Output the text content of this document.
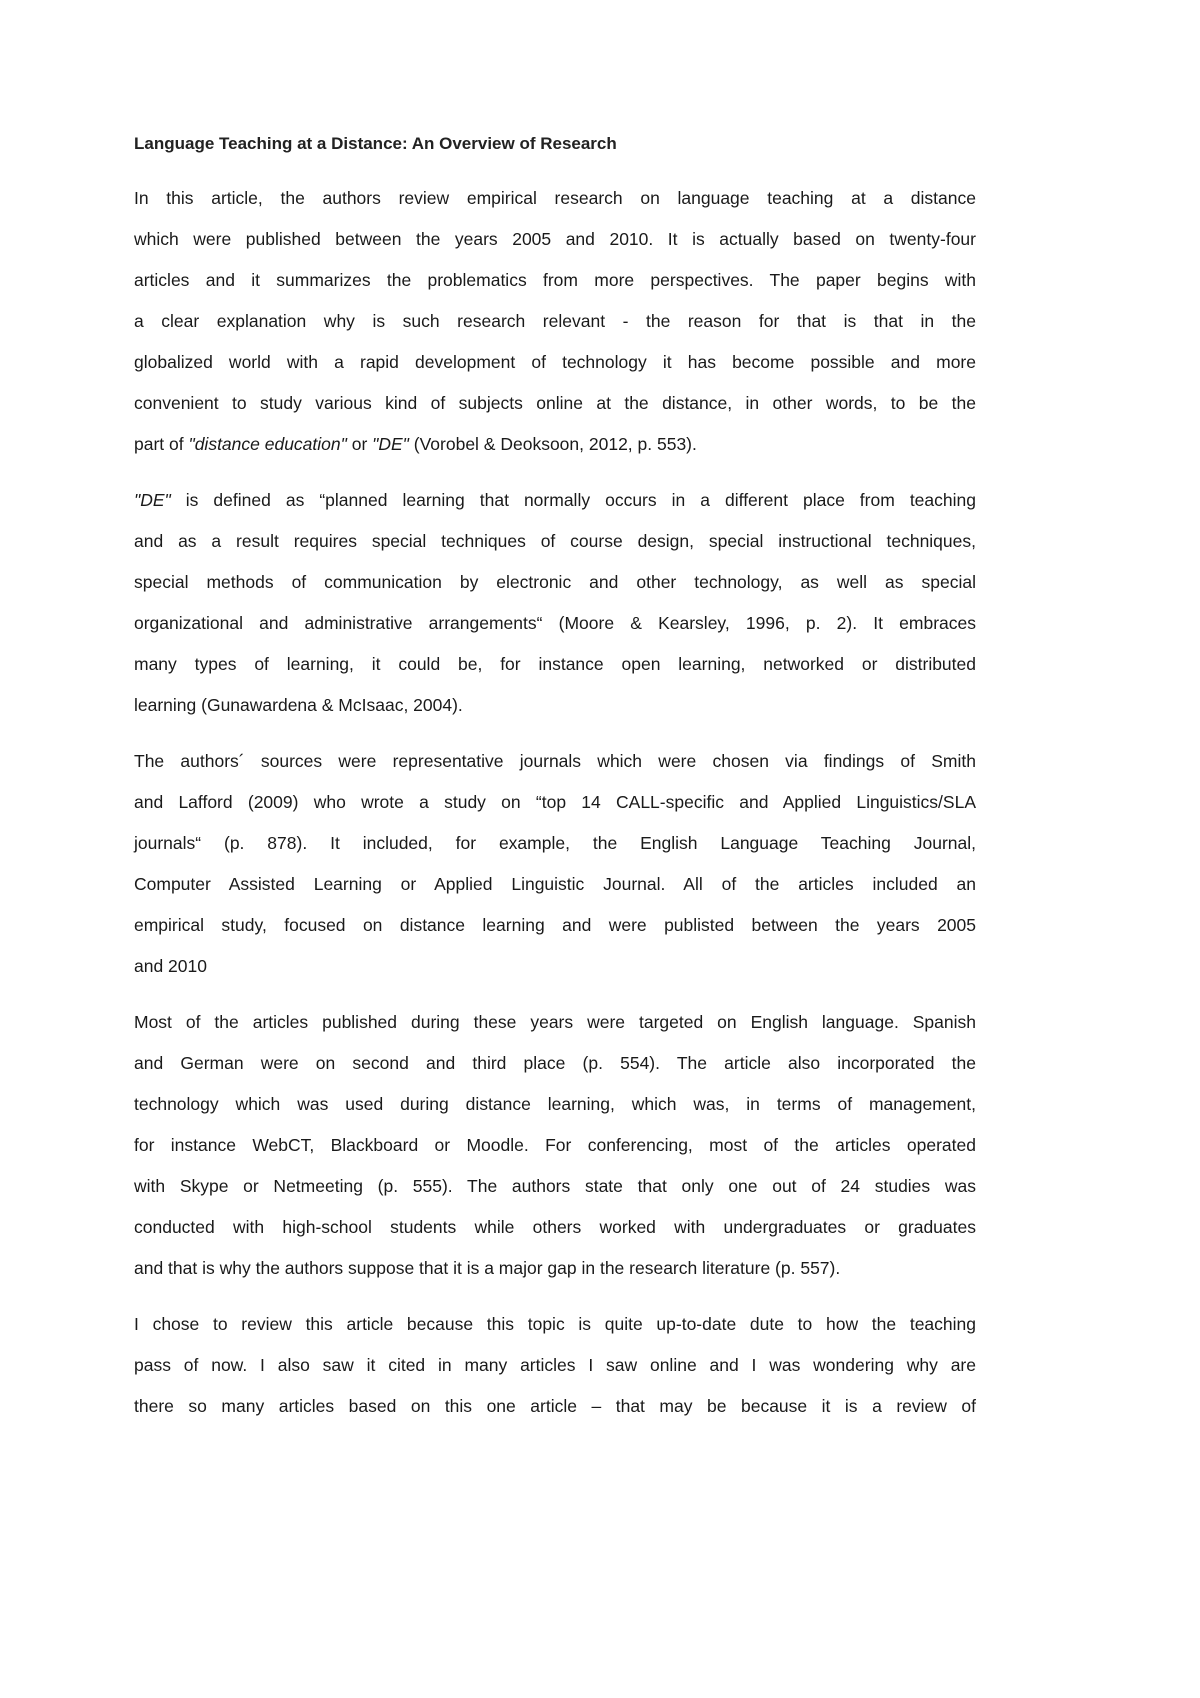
Language Teaching at a Distance: An Overview of Research
In this article, the authors review empirical research on language teaching at a distance
which were published between the years 2005 and 2010. It is actually based on twenty-four
articles and it summarizes the problematics from more perspectives. The paper begins with
a clear explanation why is such research relevant - the reason for that is that in the
globalized world with a rapid development of technology it has become possible and more
convenient to study various kind of subjects online at the distance, in other words, to be the
part of "distance education" or "DE" (Vorobel & Deoksoon, 2012, p. 553).
"DE" is defined as “planned learning that normally occurs in a different place from teaching
and as a result requires special techniques of course design, special instructional techniques,
special methods of communication by electronic and other technology, as well as special
organizational and administrative arrangements“ (Moore & Kearsley, 1996, p. 2). It embraces
many types of learning, it could be, for instance open learning, networked or distributed
learning (Gunawardena & McIsaac, 2004).
The authors´ sources were representative journals which were chosen via findings of Smith
and Lafford (2009) who wrote a study on “top 14 CALL-specific and Applied Linguistics/SLA
journals“ (p. 878). It included, for example, the English Language Teaching Journal,
Computer Assisted Learning or Applied Linguistic Journal. All of the articles included an
empirical study, focused on distance learning and were publisted between the years 2005
and 2010
Most of the articles published during these years were targeted on English language. Spanish
and German were on second and third place (p. 554). The article also incorporated the
technology which was used during distance learning, which was, in terms of management,
for instance WebCT, Blackboard or Moodle. For conferencing, most of the articles operated
with Skype or Netmeeting (p. 555). The authors state that only one out of 24 studies was
conducted with high-school students while others worked with undergraduates or graduates
and that is why the authors suppose that it is a major gap in the research literature (p. 557).
I chose to review this article because this topic is quite up-to-date dute to how the teaching
pass of now. I also saw it cited in many articles I saw online and I was wondering why are
there so many articles based on this one article – that may be because it is a review of
